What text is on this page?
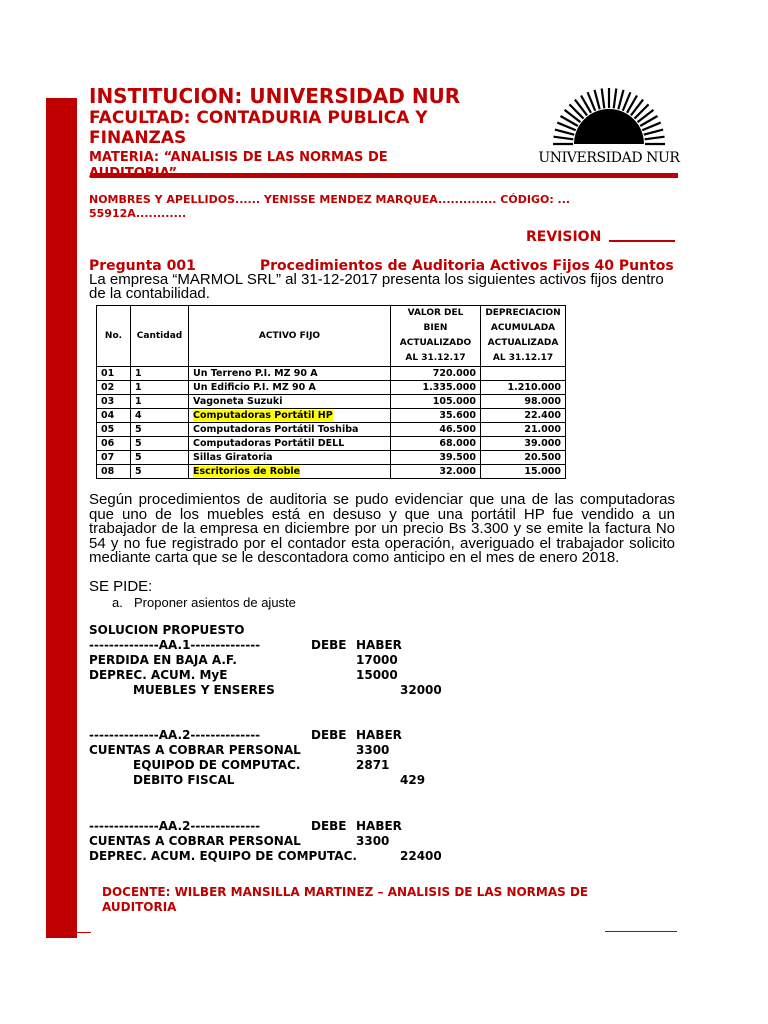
INSTITUCION: UNIVERSIDAD NUR
FACULTAD: CONTADURIA PUBLICA Y FINANZAS
MATERIA: “ANALISIS DE LAS NORMAS DE	UNIVERSIDAD NUR
NOMBRES Y APELLIDOS...... YENISSE MENDEZ MARQUEA.............. CÓDIGO: ... 55912A............
REVISION
Pregunta 001	Procedimientos de Auditoria Activos Fijos 40 Puntos
La empresa “MARMOL SRL” al 31-12-2017 presenta los siguientes activos fijos dentro de la contabilidad.
No.	Cantidad	ACTIVO FIJO	VALOR DEL BIEN ACTUALIZADO AL 31.12.17	DEPRECIACION ACUMULADA ACTUALIZADA AL 31.12.17
01	1	Un Terreno P.I. MZ 90 A	720.000	
02	1	Un Edificio P.I. MZ 90 A	1.335.000	1.210.000
03	1	Vagoneta Suzuki	105.000	98.000
04	4	Computadoras Portátil HP	35.600	22.400
05	5	Computadoras Portátil Toshiba	46.500	21.000
06	5	Computadoras Portátil DELL	68.000	39.000
07	5	Sillas Giratoria	39.500	20.500
08	5	Escritorios de Roble	32.000	15.000
Según procedimientos de auditoria se pudo evidenciar que una de las computadoras que uno de los muebles está en desuso y que una portátil HP fue vendido a un trabajador de la empresa en diciembre por un precio Bs 3.300 y se emite la factura No 54 y no fue registrado por el contador esta operación, averiguado el trabajador solicito mediante carta que se le descontadora como anticipo en el mes de enero 2018.
SE PIDE:
a. Proponer asientos de ajuste
SOLUCION PROPUESTO
--------------AA.1--------------	DEBE HABER
PERDIDA EN BAJA A.F.	17000
DEPREC. ACUM. MyE	15000
MUEBLES Y ENSERES	32000
--------------AA.2--------------	DEBE HABER
CUENTAS A COBRAR PERSONAL	3300
EQUIPOD DE COMPUTAC.	2871
DEBITO FISCAL	429
--------------AA.2--------------	DEBE HABER
CUENTAS A COBRAR PERSONAL	3300
DEPREC. ACUM. EQUIPO DE COMPUTAC.	22400
DOCENTE: WILBER MANSILLA MARTINEZ – ANALISIS DE LAS NORMAS DE AUDITORIA
